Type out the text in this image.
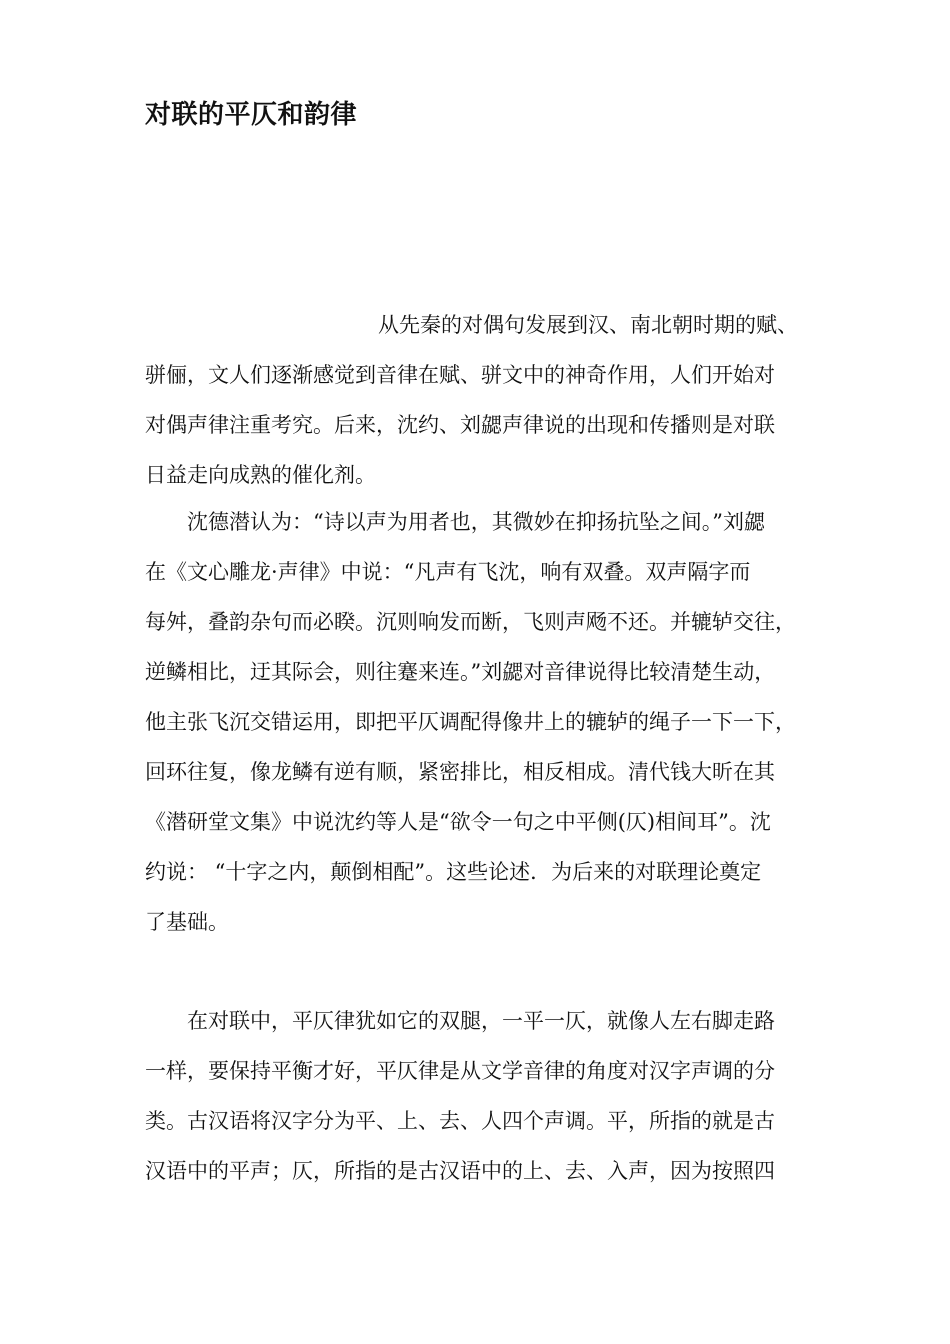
对联的平仄和韵律
从先秦的对偶句发展到汉、南北朝时期的赋、
骈俪，文人们逐渐感觉到音律在赋、骈文中的神奇作用，人们开始对
对偶声律注重考究。后来，沈约、刘勰声律说的出现和传播则是对联
日益走向成熟的催化剂。
沈德潜认为：“诗以声为用者也，其微妙在抑扬抗坠之间。”刘勰
在《文心雕龙·声律》中说：“凡声有飞沈，响有双叠。双声隔字而
每舛，叠韵杂句而必睽。沉则响发而断，飞则声飏不还。并辘轳交往，
逆鳞相比，迂其际会，则往蹇来连。”刘勰对音律说得比较清楚生动，
他主张飞沉交错运用，即把平仄调配得像井上的辘轳的绳子一下一下，
回环往复，像龙鳞有逆有顺，紧密排比，相反相成。清代钱大昕在其
《潜研堂文集》中说沈约等人是“欲令一句之中平侧(仄)相间耳”。沈
约说： “十字之内，颠倒相配”。这些论述．为后来的对联理论奠定
了基础。
在对联中，平仄律犹如它的双腿，一平一仄，就像人左右脚走路
一样，要保持平衡才好，平仄律是从文学音律的角度对汉字声调的分
类。古汉语将汉字分为平、上、去、人四个声调。平，所指的就是古
汉语中的平声；仄，所指的是古汉语中的上、去、入声，因为按照四
